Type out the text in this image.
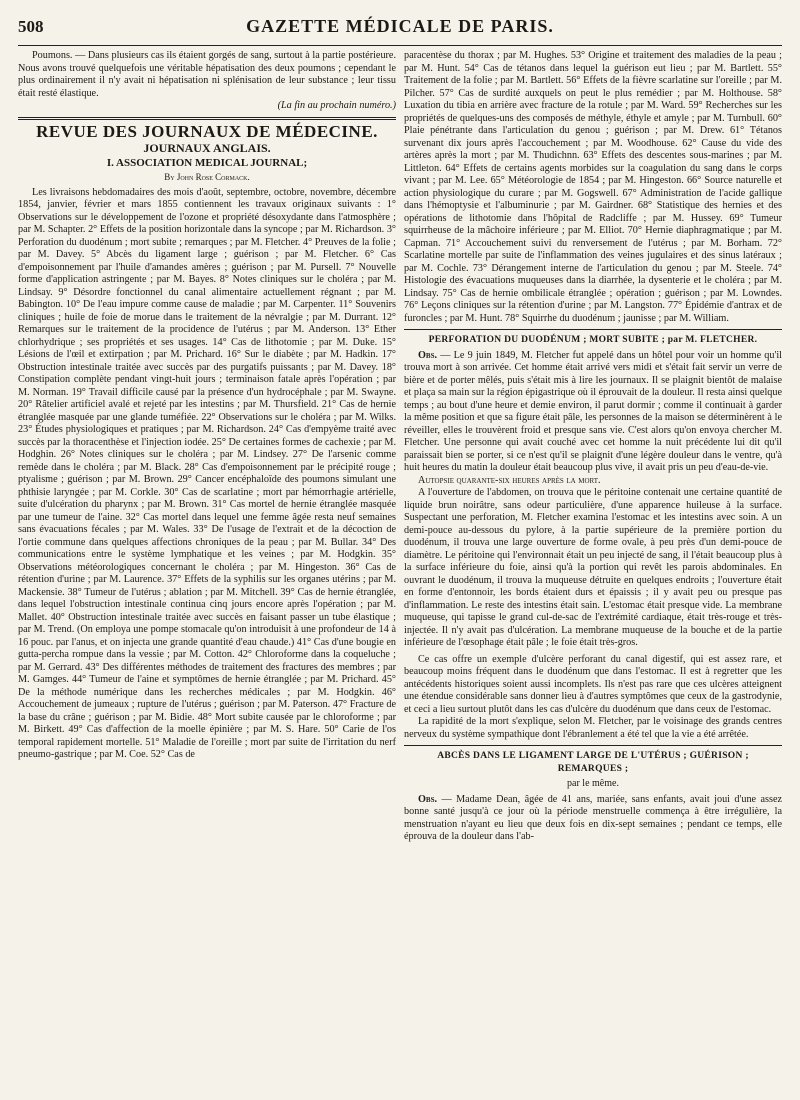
508	GAZETTE MÉDICALE DE PARIS.

Poumons. — Dans plusieurs cas ils étaient gorgés de sang, surtout à la partie postérieure. Nous avons trouvé quelquefois une véritable hépatisation des deux poumons ; cependant le plus ordinairement il n'y avait ni hépatisation ni splénisation de leur substance ; leur tissu était resté élastique.

(La fin au prochain numéro.)
REVUE DES JOURNAUX DE MÉDECINE.
JOURNAUX ANGLAIS.
I. ASSOCIATION MEDICAL JOURNAL;
By John Rose Cormack.

Les livraisons hebdomadaires des mois d'août, septembre, octobre, novembre, décembre 1854, janvier, février et mars 1855 contiennent les travaux originaux suivants : 1° Observations sur le développement de l'ozone et propriété désoxydante dans l'atmosphère ; par M. Schapter. 2° Effets de la position horizontale dans la syncope ; par M. Richardson. 3° Perforation du duodénum ; mort subite ; remarques ; par M. Fletcher. 4° Preuves de la folie ; par M. Davey. 5° Abcès du ligament large ; guérison ; par M. Fletcher. 6° Cas d'empoisonnement par l'huile d'amandes amères ; guérison ; par M. Pursell. 7° Nouvelle forme d'application astringente ; par M. Bayes. 8° Notes cliniques sur le choléra ; par M. Lindsay. 9° Désordre fonctionnel du canal alimentaire actuellement régnant ; par M. Babington. 10° De l'eau impure comme cause de maladie ; par M. Carpenter. 11° Souvenirs cliniques ; huile de foie de morue dans le traitement de la névralgie ; par M. Durrant. 12° Remarques sur le traitement de la procidence de l'utérus ; par M. Anderson. 13° Ether chlorhydrique ; ses propriétés et ses usages. 14° Cas de lithotomie ; par M. Duke. 15° Lésions de l'œil et extirpation ; par M. Prichard. 16° Sur le diabète ; par M. Hadkin. 17° Obstruction intestinale traitée avec succès par des purgatifs puissants ; par M. Davey. 18° Constipation complète pendant vingt-huit jours ; terminaison fatale après l'opération ; par M. Norman. 19° Travail difficile causé par la présence d'un hydrocéphale ; par M. Swayne. 20° Râtelier artificiel avalé et rejeté par les intestins ; par M. Thursfield. 21° Cas de hernie étranglée masquée par une glande tuméfiée. 22° Observations sur le choléra ; par M. Wilks. 23° Études physiologiques et pratiques ; par M. Richardson. 24° Cas d'empyème traité avec succès par la thoracenthèse et l'injection iodée. 25° De certaines formes de cachexie ; par M. Hodghin. 26° Notes cliniques sur le choléra ; par M. Lindsey. 27° De l'arsenic comme remède dans le choléra ; par M. Black. 28° Cas d'empoisonnement par le précipité rouge ; ptyalisme ; guérison ; par M. Brown. 29° Cancer encéphaloïde des poumons simulant une phthisie laryngée ; par M. Corkle. 30° Cas de scarlatine ; mort par hémorrhagie artérielle, suite d'ulcération du pharynx ; par M. Brown. 31° Cas mortel de hernie étranglée masquée par une tumeur de l'aine. 32° Cas mortel dans lequel une femme âgée resta neuf semaines sans évacuations fécales ; par M. Wales. 33° De l'usage de l'extrait et de la décoction de l'ortie commune dans quelques affections chroniques de la peau ; par M. Bullar. 34° Des communications entre le système lymphatique et les veines ; par M. Hodgkin. 35° Observations météorologiques concernant le choléra ; par M. Hingeston. 36° Cas de rétention d'urine ; par M. Laurence. 37° Effets de la syphilis sur les organes utérins ; par M. Mackensie. 38° Tumeur de l'utérus ; ablation ; par M. Mitchell. 39° Cas de hernie étranglée, dans lequel l'obstruction intestinale continua cinq jours encore après l'opération ; par M. Mallet. 40° Obstruction intestinale traitée avec succès en faisant passer un tube élastique ; par M. Trend. (On employa une pompe stomacale qu'on introduisit à une profondeur de 14 à 16 pouc. par l'anus, et on injecta une grande quantité d'eau chaude.) 41° Cas d'une bougie en gutta-percha rompue dans la vessie ; par M. Cotton. 42° Chloroforme dans la coqueluche ; par M. Gerrard. 43° Des différentes méthodes de traitement des fractures des membres ; par M. Gamges. 44° Tumeur de l'aine et symptômes de hernie étranglée ; par M. Prichard. 45° De la méthode numérique dans les recherches médicales ; par M. Hodgkin. 46° Accouchement de jumeaux ; rupture de l'utérus ; guérison ; par M. Paterson. 47° Fracture de la base du crâne ; guérison ; par M. Bidie. 48° Mort subite causée par le chloroforme ; par M. Birkett. 49° Cas d'affection de la moelle épinière ; par M. S. Hare. 50° Carie de l'os temporal rapidement mortelle. 51° Maladie de l'oreille ; mort par suite de l'irritation du nerf pneumo-gastrique ; par M. Coe. 52° Cas de

paracentèse du thorax ; par M. Hughes. 53° Origine et traitement des maladies de la peau ; par M. Hunt. 54° Cas de tétanos dans lequel la guérison eut lieu ; par M. Bartlett. 55° Traitement de la folie ; par M. Bartlett. 56° Effets de la fièvre scarlatine sur l'oreille ; par M. Pilcher. 57° Cas de surdité auxquels on peut le plus remédier ; par M. Holthouse. 58° Luxation du tibia en arrière avec fracture de la rotule ; par M. Ward. 59° Recherches sur les propriétés de quelques-uns des composés de méthyle, éthyle et amyle ; par M. Turnbull. 60° Plaie pénétrante dans l'articulation du genou ; guérison ; par M. Drew. 61° Tétanos survenant dix jours après l'accouchement ; par M. Woodhouse. 62° Cause du vide des artères après la mort ; par M. Thudichnn. 63° Effets des descentes sous-marines ; par M. Littleton. 64° Effets de certains agents morbides sur la coagulation du sang dans le corps vivant ; par M. Lee. 65° Météorologie de 1854 ; par M. Hingeston. 66° Source naturelle et action physiologique du curare ; par M. Gogswell. 67° Administration de l'acide gallique dans l'hémoptysie et l'albuminurie ; par M. Gairdner. 68° Statistique des hernies et des opérations de lithotomie dans l'hôpital de Radcliffe ; par M. Hussey. 69° Tumeur squirrheuse de la mâchoire inférieure ; par M. Elliot. 70° Hernie diaphragmatique ; par M. Capman. 71° Accouchement suivi du renversement de l'utérus ; par M. Borham. 72° Scarlatine mortelle par suite de l'inflammation des veines jugulaires et des sinus latéraux ; par M. Cochle. 73° Dérangement interne de l'articulation du genou ; par M. Steele. 74° Histologie des évacuations muqueuses dans la diarrhée, la dysenterie et le choléra ; par M. Lindsay. 75° Cas de hernie ombilicale étranglée ; opération ; guérison ; par M. Lowndes. 76° Leçons cliniques sur la rétention d'urine ; par M. Langston. 77° Épidémie d'antrax et de furoncles ; par M. Hunt. 78° Squirrhe du duodénum ; jaunisse ; par M. William.

PERFORATION DU DUODÉNUM ; MORT SUBITE ; par M. FLETCHER.

Obs. — Le 9 juin 1849, M. Fletcher fut appelé dans un hôtel pour voir un homme qu'il trouva mort à son arrivée. Cet homme était arrivé vers midi et s'était fait servir un verre de bière et de porter mêlés, puis s'était mis à lire les journaux. Il se plaignit bientôt de malaise et plaça sa main sur la région épigastrique où il éprouvait de la douleur. Il resta ainsi quelque temps ; au bout d'une heure et demie environ, il parut dormir ; comme il continuait à garder la même position et que sa figure était pâle, les personnes de la maison se déterminèrent à le réveiller, elles le trouvèrent froid et presque sans vie. C'est alors qu'on envoya chercher M. Fletcher. Une personne qui avait couché avec cet homme la nuit précédente lui dit qu'il paraissait bien se porter, si ce n'est qu'il se plaignit d'une légère douleur dans le ventre, qu'à huit heures du matin la douleur était beaucoup plus vive, il avait pris un peu d'eau-de-vie.

Autopsie quarante-six heures après la mort.

A l'ouverture de l'abdomen, on trouva que le péritoine contenait une certaine quantité de liquide brun noirâtre, sans odeur particulière, d'une apparence huileuse à la surface. Suspectant une perforation, M. Fletcher examina l'estomac et les intestins avec soin. A un demi-pouce au-dessous du pylore, à la partie supérieure de la première portion du duodénum, il trouva une large ouverture de forme ovale, à peu près d'un demi-pouce de diamètre. Le péritoine qui l'environnait était un peu injecté de sang, il l'était beaucoup plus à la surface inférieure du foie, ainsi qu'à la portion qui revêt les parois abdominales. En ouvrant le duodénum, il trouva la muqueuse détruite en quelques endroits ; l'ouverture était en forme d'entonnoir, les bords étaient durs et épaissis ; il y avait peu ou presque pas d'inflammation. Le reste des intestins était sain. L'estomac était presque vide. La membrane muqueuse, qui tapisse le grand cul-de-sac de l'extrémité cardiaque, était très-rouge et très-injectée. Il n'y avait pas d'ulcération. La membrane muqueuse de la bouche et de la partie inférieure de l'œsophage était pâle ; le foie était très-gros.

Ce cas offre un exemple d'ulcère perforant du canal digestif, qui est assez rare, et beaucoup moins fréquent dans le duodénum que dans l'estomac. Il est à regretter que les antécédents historiques soient aussi incomplets. Ils n'est pas rare que ces ulcères atteignent une étendue considérable sans donner lieu à d'autres symptômes que ceux de la gastrodynie, et ceci a lieu surtout plutôt dans les cas d'ulcère du duodénum que dans ceux de l'estomac.

La rapidité de la mort s'explique, selon M. Fletcher, par le voisinage des grands centres nerveux du système sympathique dont l'ébranlement a été tel que la vie a été arrêtée.

ABCÈS DANS LE LIGAMENT LARGE DE L'UTÉRUS ; GUÉRISON ; REMARQUES ;
par le même.

Obs. — Madame Dean, âgée de 41 ans, mariée, sans enfants, avait joui d'une assez bonne santé jusqu'à ce jour où la période menstruelle commença à être irrégulière, la menstruation n'ayant eu lieu que deux fois en dix-sept semaines ; pendant ce temps, elle éprouva de la douleur dans l'ab-
